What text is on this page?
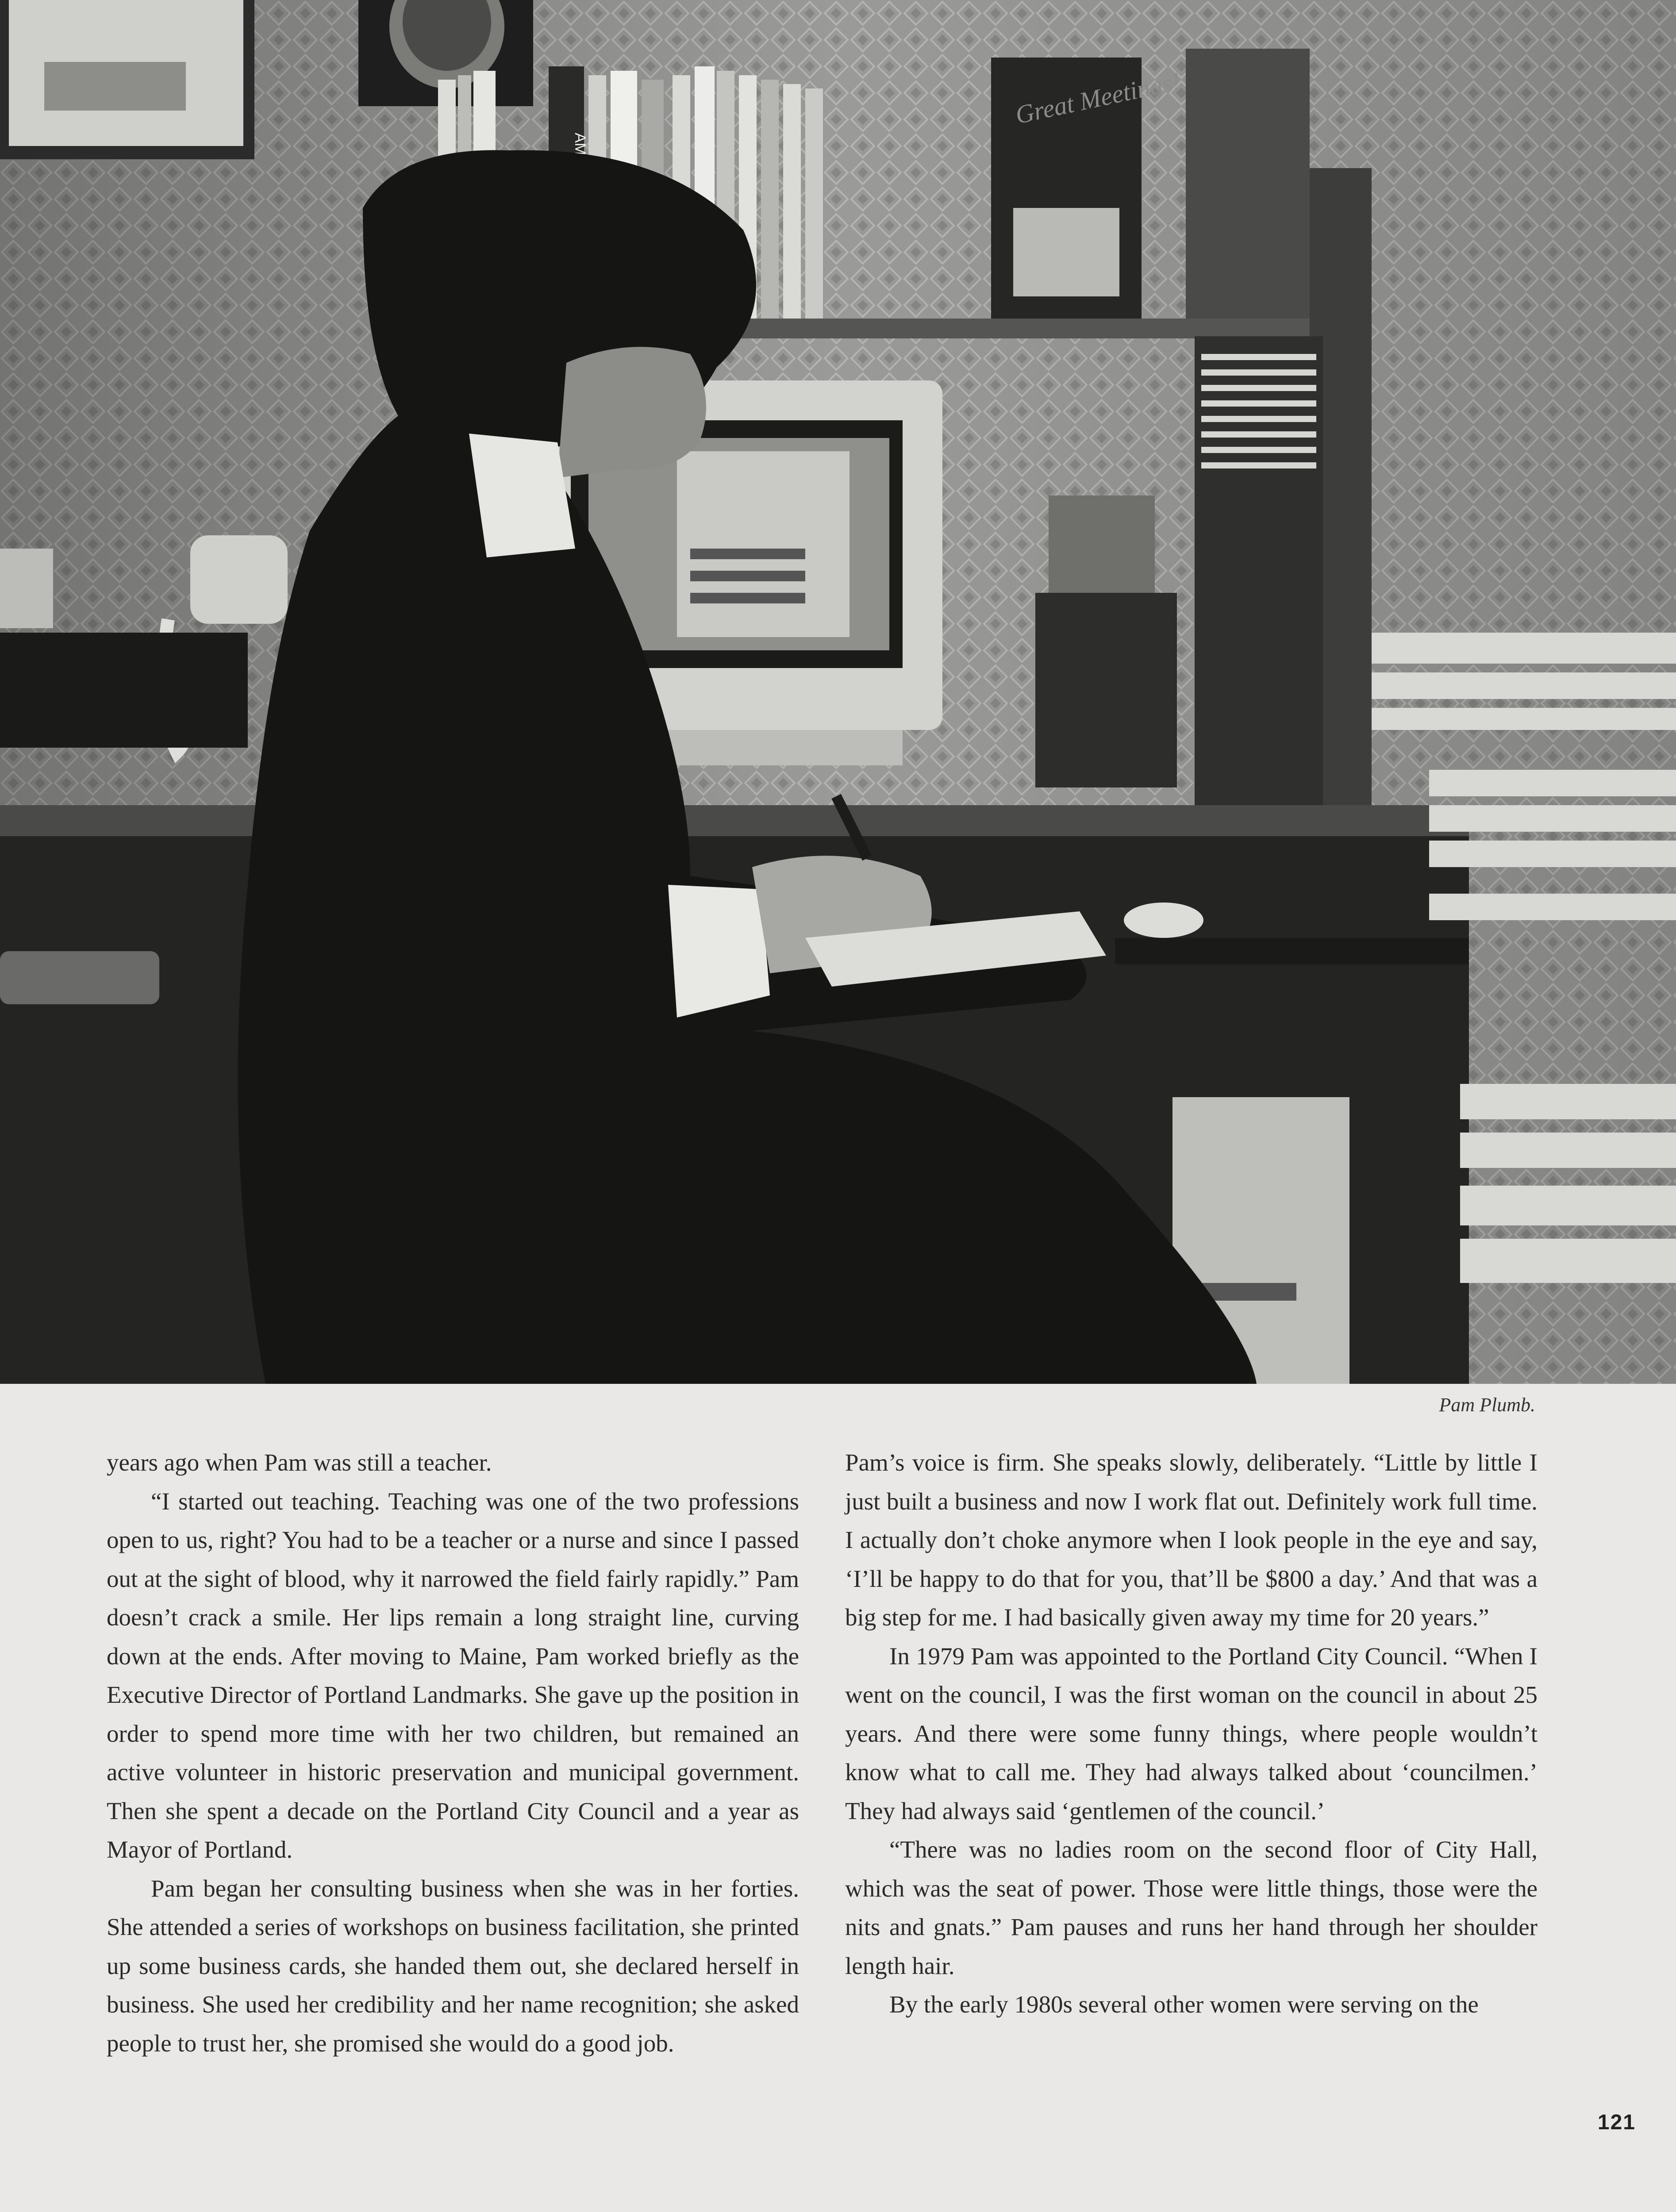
Great Meetings!
Pam Plumb.

years ago when Pam was still a teacher.

“I started out teaching. Teaching was one of the two professions open to us, right? You had to be a teacher or a nurse and since I passed out at the sight of blood, why it narrowed the field fairly rapidly.” Pam doesn’t crack a smile. Her lips remain a long straight line, curving down at the ends. After moving to Maine, Pam worked briefly as the Executive Director of Portland Landmarks. She gave up the position in order to spend more time with her two children, but remained an active volunteer in historic preservation and municipal government. Then she spent a decade on the Portland City Council and a year as Mayor of Portland.

Pam began her consulting business when she was in her forties. She attended a series of workshops on business facilitation, she printed up some business cards, she handed them out, she declared herself in business. She used her credibility and her name recognition; she asked people to trust her, she promised she would do a good job.

Pam’s voice is firm. She speaks slowly, deliberately. “Little by little I just built a business and now I work flat out. Definitely work full time. I actually don’t choke anymore when I look people in the eye and say, ‘I’ll be happy to do that for you, that’ll be $800 a day.’ And that was a big step for me. I had basically given away my time for 20 years.”

In 1979 Pam was appointed to the Portland City Council. “When I went on the council, I was the first woman on the council in about 25 years. And there were some funny things, where people wouldn’t know what to call me. They had always talked about ‘councilmen.’ They had always said ‘gentlemen of the council.’

“There was no ladies room on the second floor of City Hall, which was the seat of power. Those were little things, those were the nits and gnats.” Pam pauses and runs her hand through her shoulder length hair.

By the early 1980s several other women were serving on the

121
